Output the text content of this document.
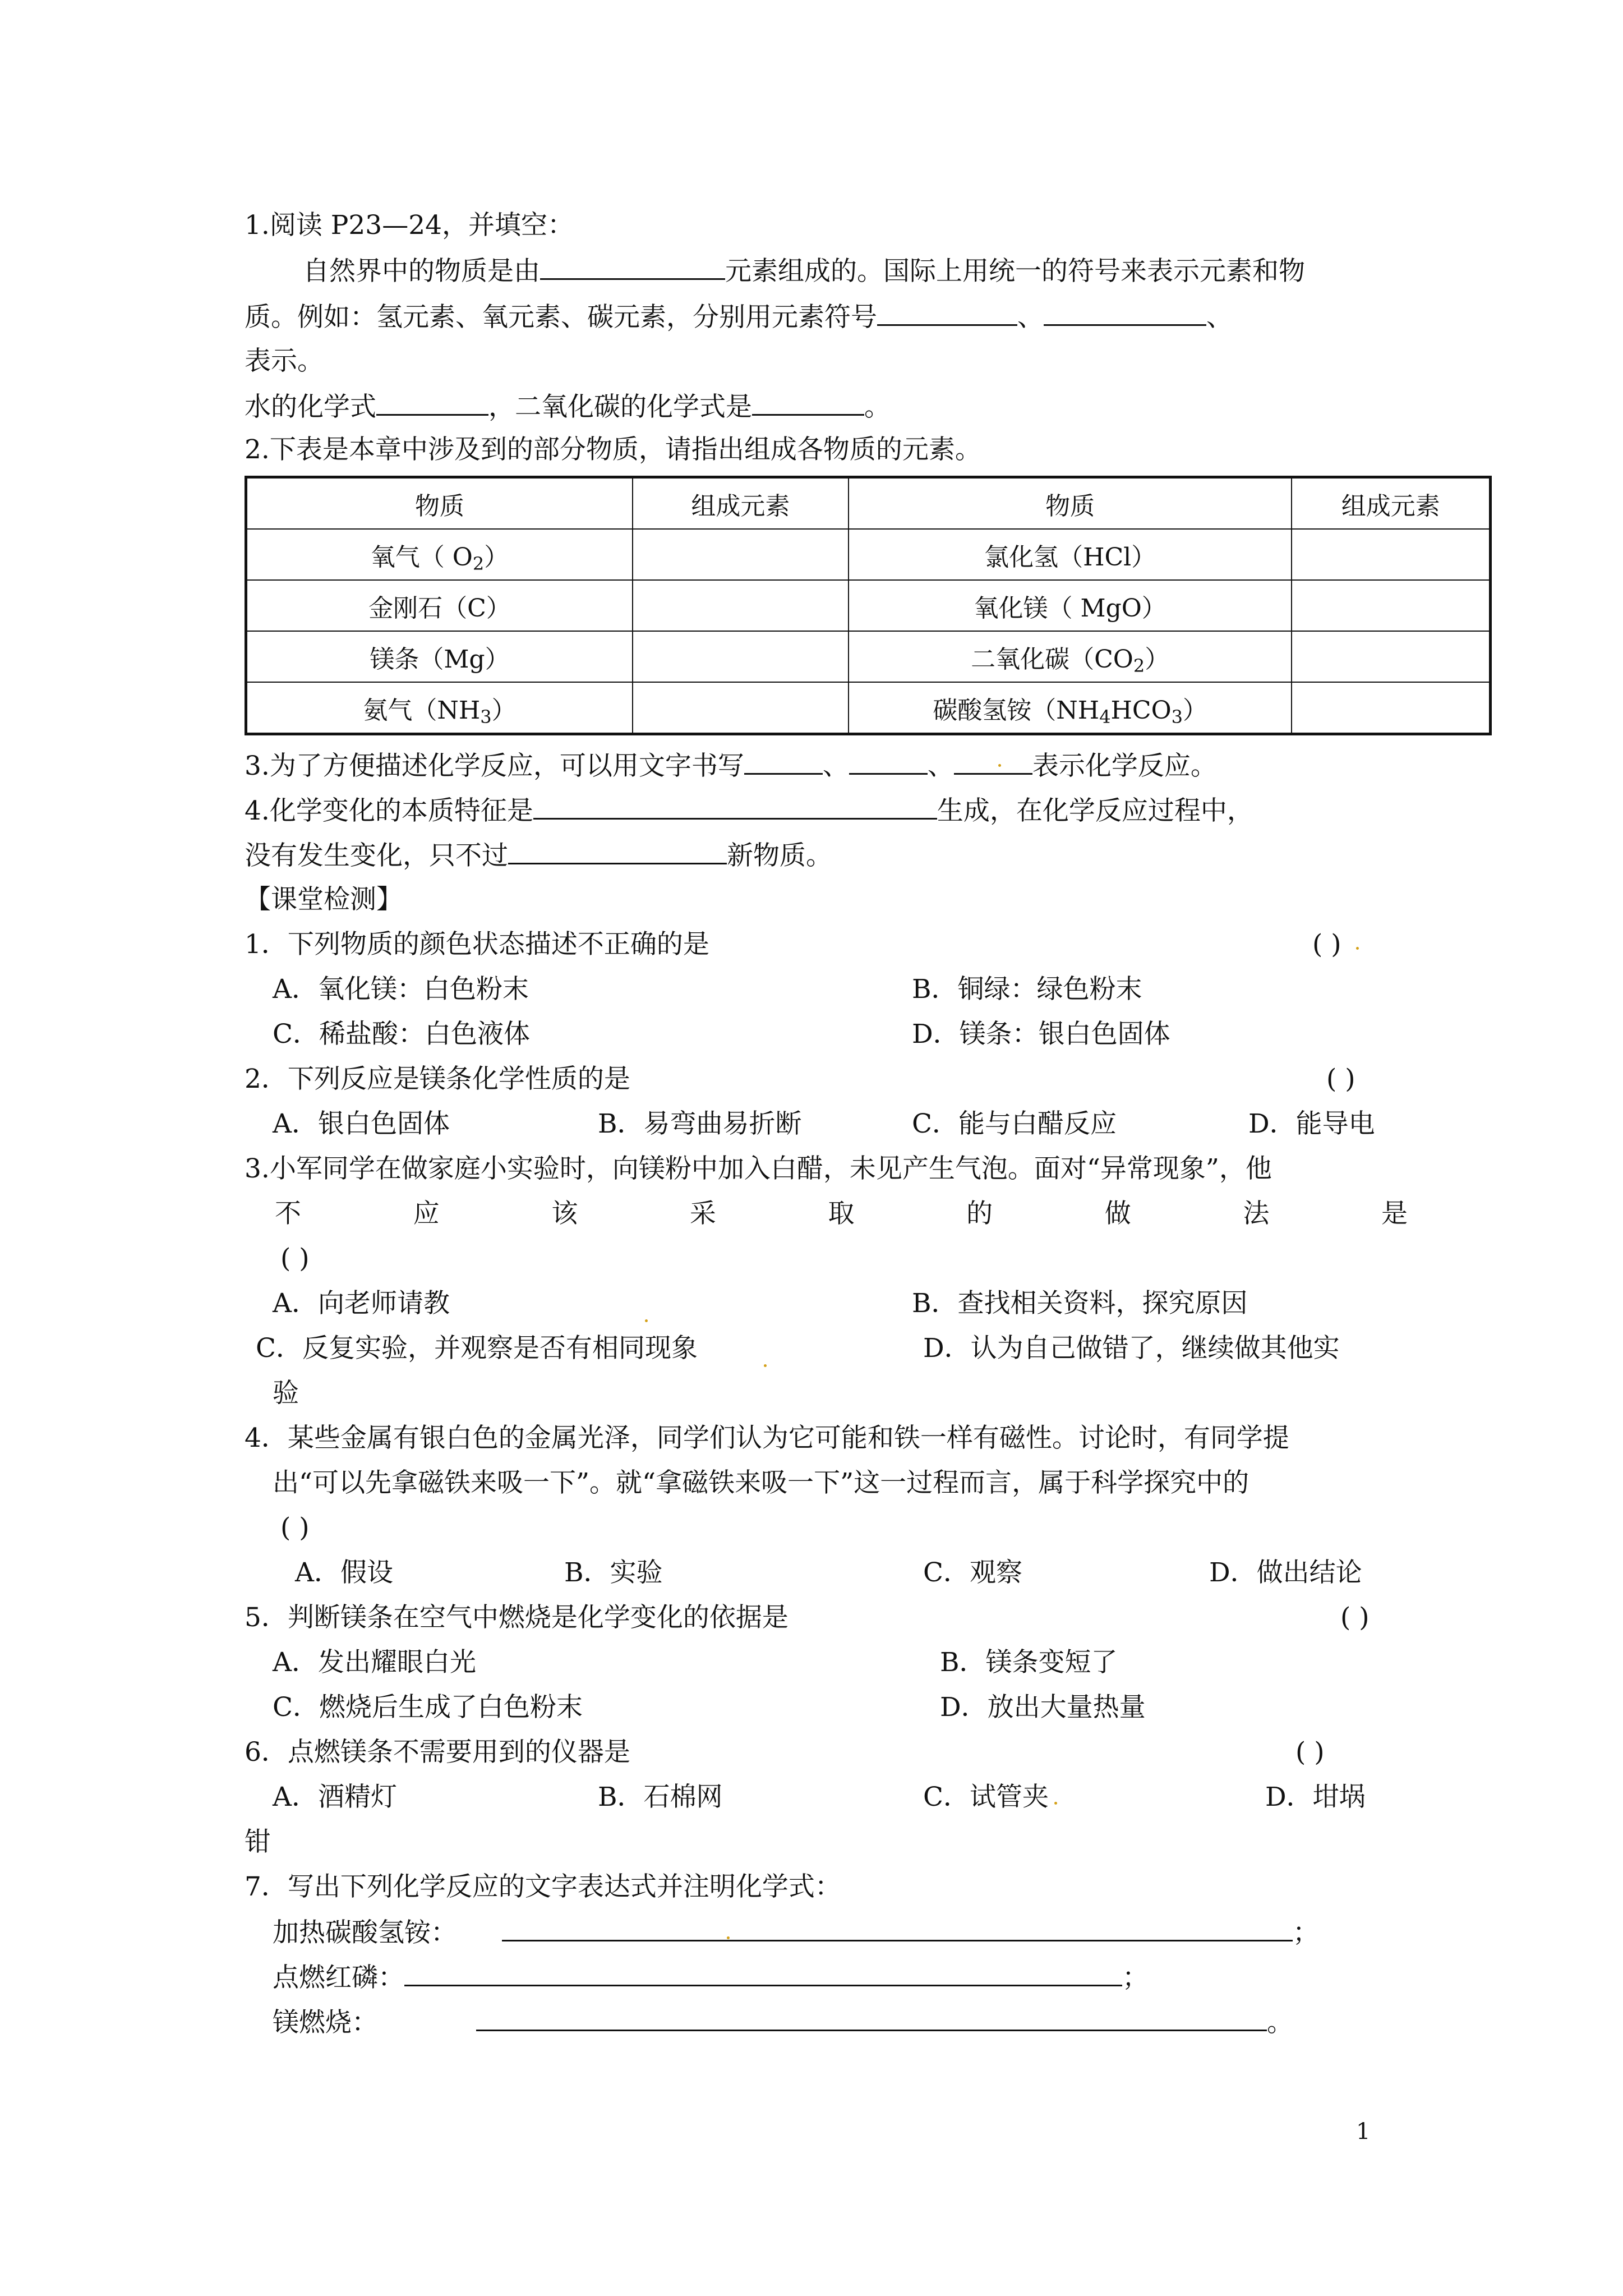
1.阅读 P23—24，并填空：
自然界中的物质是由	元素组成的。国际上用统一的符号来表示元素和物
质。例如：氢元素、氧元素、碳元素，分别用元素符号	、	、
表示。
水的化学式	，二氧化碳的化学式是	。
2.下表是本章中涉及到的部分物质，请指出组成各物质的元素。
物质	组成元素	物质	组成元素
氧气（ $O_2$）		氯化氢（HCl）	
金刚石（C）		氧化镁（ MgO）	
镁条（Mg）		二氧化碳$(CO_2)$	
氨气$(NH_3)$		碳酸氢铵$(NH_4HCO_3)$	
3.为了方便描述化学反应，可以用文字书写	、	、	表示化学反应。
4.化学变化的本质特征是	生成，在化学反应过程中，
没有发生变化，只不过	新物质。
【课堂检测】
1．下列物质的颜色状态描述不正确的是	( )
A．氧化镁：白色粉末	B．铜绿：绿色粉末
C．稀盐酸：白色液体	D．镁条：银白色固体
2．下列反应是镁条化学性质的是	( )
A．银白色固体	B．易弯曲易折断	C．能与白醋反应	D．能导电
3.小军同学在做家庭小实验时，向镁粉中加入白醋，未见产生气泡。面对“异常现象”，他
不	应	该	采	取	的	做	法	是
( )
A．向老师请教	B．查找相关资料，探究原因
C．反复实验，并观察是否有相同现象	D．认为自己做错了，继续做其他实
验
4．某些金属有银白色的金属光泽，同学们认为它可能和铁一样有磁性。讨论时，有同学提
出“可以先拿磁铁来吸一下”。就“拿磁铁来吸一下”这一过程而言，属于科学探究中的
( )
A．假设	B．实验	C．观察	D．做出结论
5．判断镁条在空气中燃烧是化学变化的依据是	( )
A．发出耀眼白光	B．镁条变短了
C．燃烧后生成了白色粉末	D．放出大量热量
6．点燃镁条不需要用到的仪器是	( )
A．酒精灯	B．石棉网	C．试管夹	D．坩埚
钳
7．写出下列化学反应的文字表达式并注明化学式：
加热碳酸氢铵：	；
点燃红磷：	；
镁燃烧：	。
1
